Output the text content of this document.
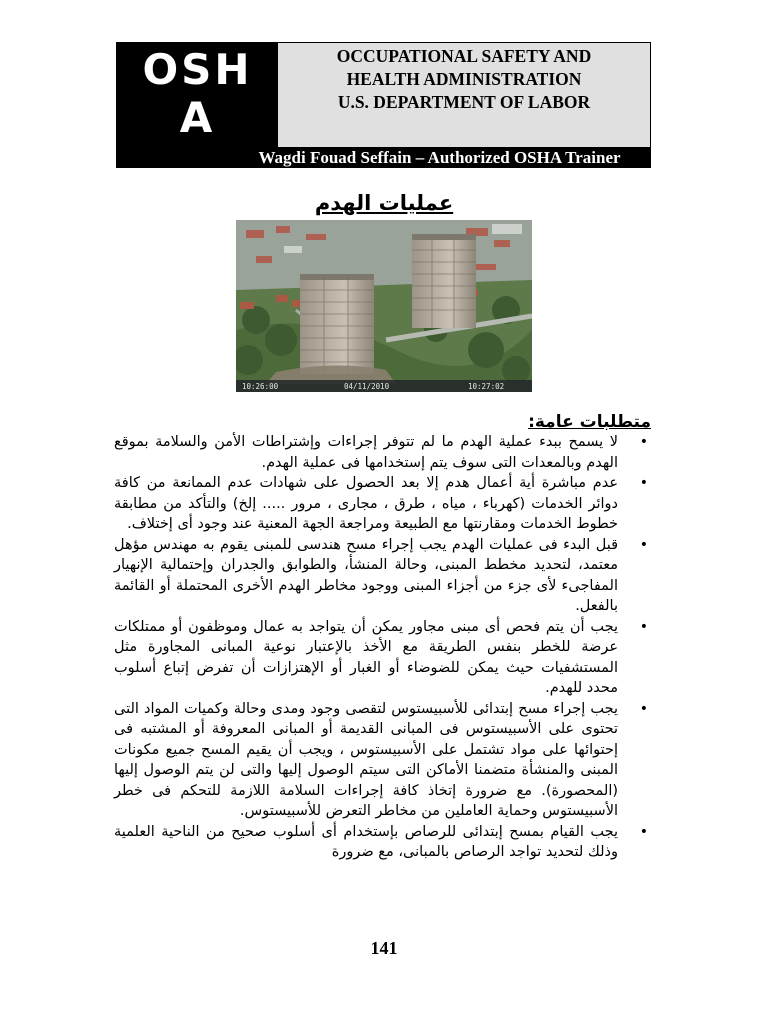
OSH
A
OCCUPATIONAL SAFETY AND
HEALTH ADMINISTRATION
U.S. DEPARTMENT OF LABOR
Wagdi Fouad Seffain – Authorized OSHA Trainer
عمليات الهدم
10:26:00	04/11/2010	10:27:02
متطلبات عامة:
• لا يسمح ببدء عملية الهدم ما لم تتوفر إجراءات وإشتراطات الأمن والسلامة بموقع الهدم وبالمعدات التى سوف يتم إستخدامها فى عملية الهدم.
• عدم مباشرة أية أعمال هدم إلا بعد الحصول على شهادات عدم الممانعة من كافة دوائر الخدمات (كهرباء ، مياه ، طرق ، مجارى ، مرور ..... إلخ) والتأكد من مطابقة خطوط الخدمات ومقارنتها مع الطبيعة ومراجعة الجهة المعنية عند وجود أى إختلاف.
• قبل البدء فى عمليات الهدم يجب إجراء مسح هندسى للمبنى يقوم به مهندس مؤهل معتمد، لتحديد مخطط المبنى، وحالة المنشأ، والطوابق والجدران وإحتمالية الإنهيار المفاجىء لأى جزء من أجزاء المبنى ووجود مخاطر الهدم الأخرى المحتملة أو القائمة بالفعل.
• يجب أن يتم فحص أى مبنى مجاور يمكن أن يتواجد به عمال وموظفون أو ممتلكات عرضة للخطر بنفس الطريقة مع الأخذ بالإعتبار نوعية المبانى المجاورة مثل المستشفيات حيث يمكن للضوضاء أو الغبار أو الإهتزازات أن تفرض إتباع أسلوب محدد للهدم.
• يجب إجراء مسح إبتدائى للأسبيستوس لتقصى وجود ومدى وحالة وكميات المواد التى تحتوى على الأسبيستوس فى المبانى القديمة أو المبانى المعروفة أو المشتبه فى إحتوائها على مواد تشتمل على الأسبيستوس ، ويجب أن يقيم المسح جميع مكونات المبنى والمنشأة متضمنا الأماكن التى سيتم الوصول إليها والتى لن يتم الوصول إليها (المحصورة). مع ضرورة إتخاذ كافة إجراءات السلامة اللازمة للتحكم فى خطر الأسبيستوس وحماية العاملين من مخاطر التعرض للأسبيستوس.
• يجب القيام بمسح إبتدائى للرصاص بإستخدام أى أسلوب صحيح من الناحية العلمية وذلك لتحديد تواجد الرصاص بالمبانى، مع ضرورة
141
